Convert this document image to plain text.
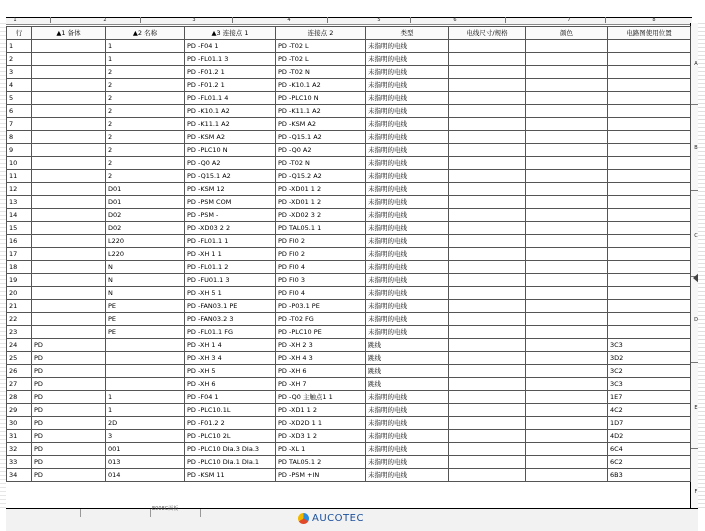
1	2	3	4	5	6	7	8
A
B
C
D
E
F
行	▲1 备体	▲2 名称	▲3 连接点 1	连接点 2	类型	电线尺寸/规格	颜色	电路图使用位置
1		1	PD -F04 1	PD -T02 L	未指明的电线			
2		1	PD -FL01.1 3	PD -T02 L	未指明的电线			
3		2	PD -F01.2 1	PD -T02 N	未指明的电线			
4		2	PD -F01.2 1	PD -K10.1 A2	未指明的电线			
5		2	PD -FL01.1 4	PD -PLC10 N	未指明的电线			
6		2	PD -K10.1 A2	PD -K11.1 A2	未指明的电线			
7		2	PD -K11.1 A2	PD -KSM A2	未指明的电线			
8		2	PD -KSM A2	PD -Q15.1 A2	未指明的电线			
9		2	PD -PLC10 N	PD -Q0 A2	未指明的电线			
10		2	PD -Q0 A2	PD -T02 N	未指明的电线			
11		2	PD -Q15.1 A2	PD -Q15.2 A2	未指明的电线			
12		D01	PD -KSM 12	PD -XD01 1 2	未指明的电线			
13		D01	PD -PSM COM	PD -XD01 1 2	未指明的电线			
14		D02	PD -PSM -	PD -XD02 3 2	未指明的电线			
15		D02	PD -XD03 2 2	PD TAL05.1 1	未指明的电线			
16		L220	PD -FL01.1 1	PD FI0 2	未指明的电线			
17		L220	PD -XH 1 1	PD FI0 2	未指明的电线			
18		N	PD -FL01.1 2	PD FI0 4	未指明的电线			
19		N	PD -FU01.1 3	PD FI0 3	未指明的电线			
20		N	PD -XH 5 1	PD FI0 4	未指明的电线			
21		PE	PD -FAN03.1 PE	PD -P03.1 PE	未指明的电线			
22		PE	PD -FAN03.2 3	PD -T02 FG	未指明的电线			
23		PE	PD -FL01.1 FG	PD -PLC10 PE	未指明的电线			
24	PD		PD -XH 1 4	PD -XH 2 3	跳线			3C3
25	PD		PD -XH 3 4	PD -XH 4 3	跳线			3D2
26	PD		PD -XH 5	PD -XH 6	跳线			3C2
27	PD		PD -XH 6	PD -XH 7	跳线			3C3
28	PD	1	PD -F04 1	PD -Q0 主触点1 1	未指明的电线			1E7
29	PD	1	PD -PLC10.1L	PD -XD1 1 2	未指明的电线			4C2
30	PD	2D	PD -F01.2 2	PD -XD2D 1 1	未指明的电线			1D7
31	PD	3	PD -PLC10 2L	PD -XD3 1 2	未指明的电线			4D2
32	PD	001	PD -PLC10 DIa.3 DIa.3	PD -XL 1	未指明的电线			6C4
33	PD	013	PD -PLC10 DIa.1 DIa.1	PD TAL05.1 2	未指明的电线			6C2
34	PD	014	PD -KSM 11	PD -PSM +IN	未指明的电线			6B3
E008C面板
AUCOTEC
